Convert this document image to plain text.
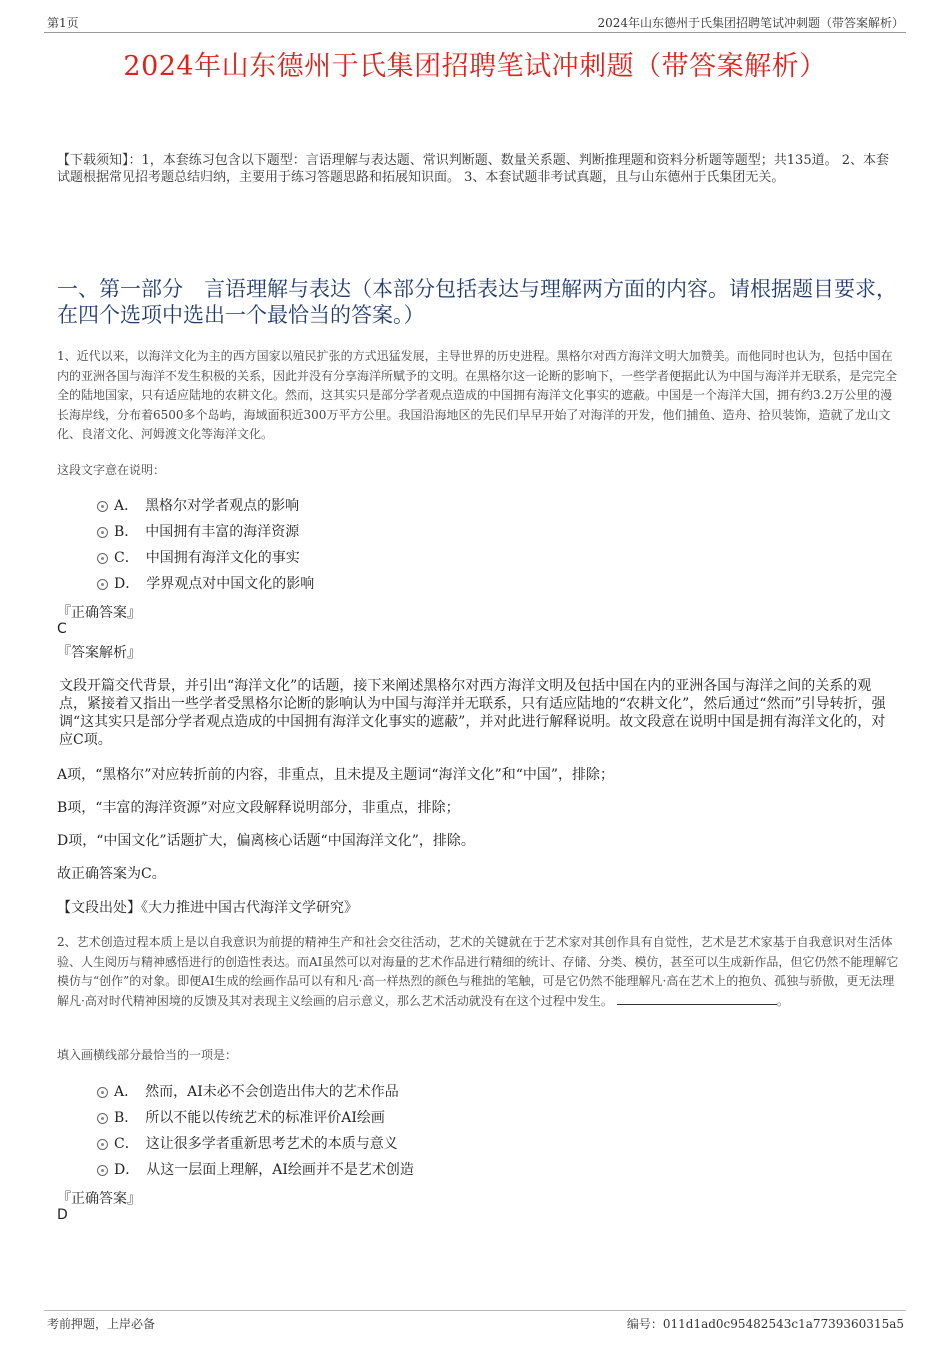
第1页	2024年山东德州于氏集团招聘笔试冲刺题（带答案解析）
2024年山东德州于氏集团招聘笔试冲刺题（带答案解析）
【下载须知】：1，本套练习包含以下题型：言语理解与表达题、常识判断题、数量关系题、判断推理题和资料分析题等题型；共135道。 2、本套试题根据常见招考题总结归纳，主要用于练习答题思路和拓展知识面。 3、本套试题非考试真题，且与山东德州于氏集团无关。
一、第一部分　言语理解与表达（本部分包括表达与理解两方面的内容。请根据题目要求，在四个选项中选出一个最恰当的答案。）
1、近代以来，以海洋文化为主的西方国家以殖民扩张的方式迅猛发展，主导世界的历史进程。黑格尔对西方海洋文明大加赞美。而他同时也认为，包括中国在内的亚洲各国与海洋不发生积极的关系，因此并没有分享海洋所赋予的文明。在黑格尔这一论断的影响下，一些学者便据此认为中国与海洋并无联系，是完完全全的陆地国家，只有适应陆地的农耕文化。然而，这其实只是部分学者观点造成的中国拥有海洋文化事实的遮蔽。中国是一个海洋大国，拥有约3.2万公里的漫长海岸线，分布着6500多个岛屿，海域面积近300万平方公里。我国沿海地区的先民们早早开始了对海洋的开发，他们捕鱼、造舟、拾贝装饰，造就了龙山文化、良渚文化、河姆渡文化等海洋文化。
这段文字意在说明：
A．　黑格尔对学者观点的影响
B．　中国拥有丰富的海洋资源
C．　中国拥有海洋文化的事实
D．　学界观点对中国文化的影响
『正确答案』
C
『答案解析』
文段开篇交代背景，并引出“海洋文化”的话题，接下来阐述黑格尔对西方海洋文明及包括中国在内的亚洲各国与海洋之间的关系的观点，紧接着又指出一些学者受黑格尔论断的影响认为中国与海洋并无联系，只有适应陆地的“农耕文化”，然后通过“然而”引导转折，强调“这其实只是部分学者观点造成的中国拥有海洋文化事实的遮蔽”，并对此进行解释说明。故文段意在说明中国是拥有海洋文化的，对应C项。
A项，“黑格尔”对应转折前的内容，非重点，且未提及主题词“海洋文化”和“中国”，排除；
B项，“丰富的海洋资源”对应文段解释说明部分，非重点，排除；
D项，“中国文化”话题扩大，偏离核心话题“中国海洋文化”，排除。
故正确答案为C。
【文段出处】《大力推进中国古代海洋文学研究》
2、艺术创造过程本质上是以自我意识为前提的精神生产和社会交往活动，艺术的关键就在于艺术家对其创作具有自觉性，艺术是艺术家基于自我意识对生活体验、人生阅历与精神感悟进行的创造性表达。而AI虽然可以对海量的艺术作品进行精细的统计、存储、分类、模仿，甚至可以生成新作品，但它仍然不能理解它模仿与“创作”的对象。即便AI生成的绘画作品可以有和凡·高一样热烈的颜色与稚拙的笔触，可是它仍然不能理解凡·高在艺术上的抱负、孤独与骄傲，更无法理解凡·高对时代精神困境的反馈及其对表现主义绘画的启示意义，那么艺术活动就没有在这个过程中发生。	。
填入画横线部分最恰当的一项是：
A．　然而，AI未必不会创造出伟大的艺术作品
B．　所以不能以传统艺术的标准评价AI绘画
C．　这让很多学者重新思考艺术的本质与意义
D．　从这一层面上理解，AI绘画并不是艺术创造
『正确答案』
D
考前押题，上岸必备	编号：011d1ad0c95482543c1a7739360315a5
